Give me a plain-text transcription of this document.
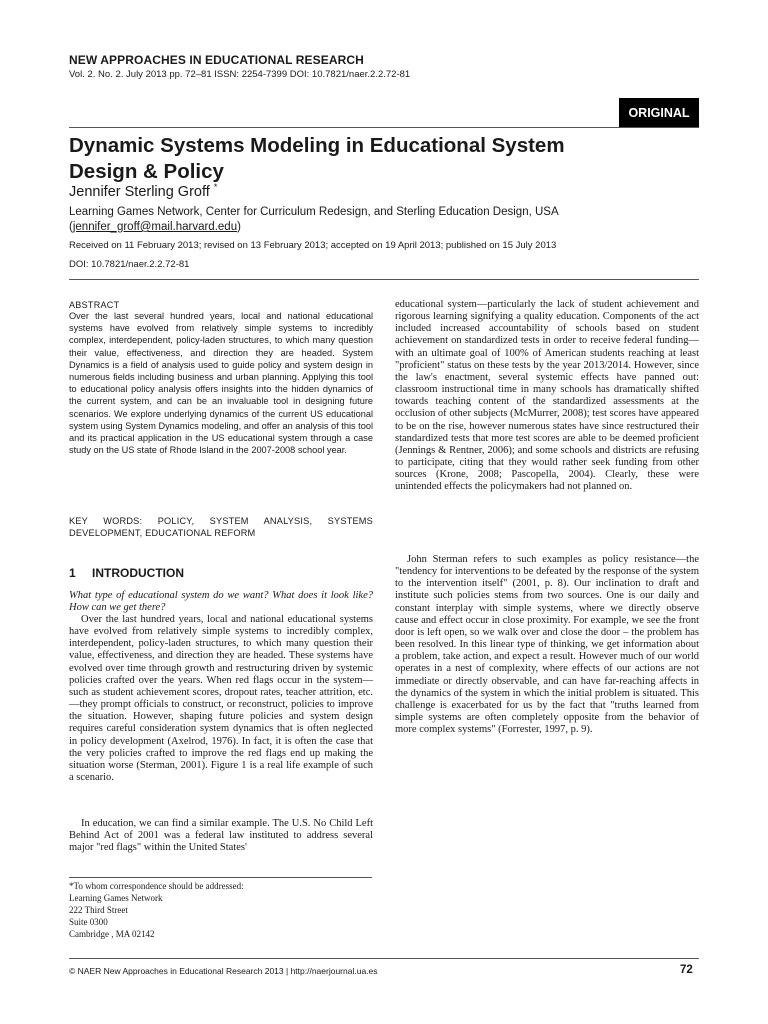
NEW APPROACHES IN EDUCATIONAL RESEARCH
Vol. 2. No. 2. July 2013 pp. 72–81 ISSN: 2254-7399 DOI: 10.7821/naer.2.2.72-81
ORIGINAL
Dynamic Systems Modeling in Educational System
Design & Policy
Jennifer Sterling Groff *
Learning Games Network, Center for Curriculum Redesign, and Sterling Education Design, USA
(jennifer_groff@mail.harvard.edu)
Received on 11 February 2013; revised on 13 February 2013; accepted on 19 April 2013; published on 15 July 2013
DOI: 10.7821/naer.2.2.72-81
ABSTRACT
Over the last several hundred years, local and national educational systems have evolved from relatively simple systems to incredibly complex, interdependent, policy-laden structures, to which many question their value, effectiveness, and direction they are headed. System Dynamics is a field of analysis used to guide policy and system design in numerous fields including business and urban planning. Applying this tool to educational policy analysis offers insights into the hidden dynamics of the current system, and can be an invaluable tool in designing future scenarios. We explore underlying dynamics of the current US educational system using System Dynamics modeling, and offer an analysis of this tool and its practical application in the US educational system through a case study on the US state of Rhode Island in the 2007-2008 school year.
KEY WORDS: POLICY, SYSTEM ANALYSIS, SYSTEMS DEVELOPMENT, EDUCATIONAL REFORM
1 INTRODUCTION
What type of educational system do we want? What does it look like? How can we get there?
Over the last hundred years, local and national educational systems have evolved from relatively simple systems to incredibly complex, interdependent, policy-laden structures, to which many question their value, effectiveness, and direction they are headed. These systems have evolved over time through growth and restructuring driven by systemic policies crafted over the years. When red flags occur in the system—such as student achievement scores, dropout rates, teacher attrition, etc.—they prompt officials to construct, or reconstruct, policies to improve the situation. However, shaping future policies and system design requires careful consideration system dynamics that is often neglected in policy development (Axelrod, 1976). In fact, it is often the case that the very policies crafted to improve the red flags end up making the situation worse (Sterman, 2001). Figure 1 is a real life example of such a scenario.
In education, we can find a similar example. The U.S. No Child Left Behind Act of 2001 was a federal law instituted to address several major "red flags" within the United States'
*To whom correspondence should be addressed:
Learning Games Network
222 Third Street
Suite 0300
Cambridge , MA 02142
educational system—particularly the lack of student achievement and rigorous learning signifying a quality education. Components of the act included increased accountability of schools based on student achievement on standardized tests in order to receive federal funding—with an ultimate goal of 100% of American students reaching at least "proficient" status on these tests by the year 2013/2014. However, since the law's enactment, several systemic effects have panned out: classroom instructional time in many schools has dramatically shifted towards teaching content of the standardized assessments at the occlusion of other subjects (McMurrer, 2008); test scores have appeared to be on the rise, however numerous states have since restructured their standardized tests that more test scores are able to be deemed proficient (Jennings & Rentner, 2006); and some schools and districts are refusing to participate, citing that they would rather seek funding from other sources (Krone, 2008; Pascopella, 2004). Clearly, these were unintended effects the policymakers had not planned on.
John Sterman refers to such examples as policy resistance—the "tendency for interventions to be defeated by the response of the system to the intervention itself" (2001, p. 8). Our inclination to draft and institute such policies stems from two sources. One is our daily and constant interplay with simple systems, where we directly observe cause and effect occur in close proximity. For example, we see the front door is left open, so we walk over and close the door – the problem has been resolved. In this linear type of thinking, we get information about a problem, take action, and expect a result. However much of our world operates in a nest of complexity, where effects of our actions are not immediate or directly observable, and can have far-reaching affects in the dynamics of the system in which the initial problem is situated. This challenge is exacerbated for us by the fact that "truths learned from simple systems are often completely opposite from the behavior of more complex systems" (Forrester, 1997, p. 9).
© NAER New Approaches in Educational Research 2013 | http://naerjournal.ua.es	72
